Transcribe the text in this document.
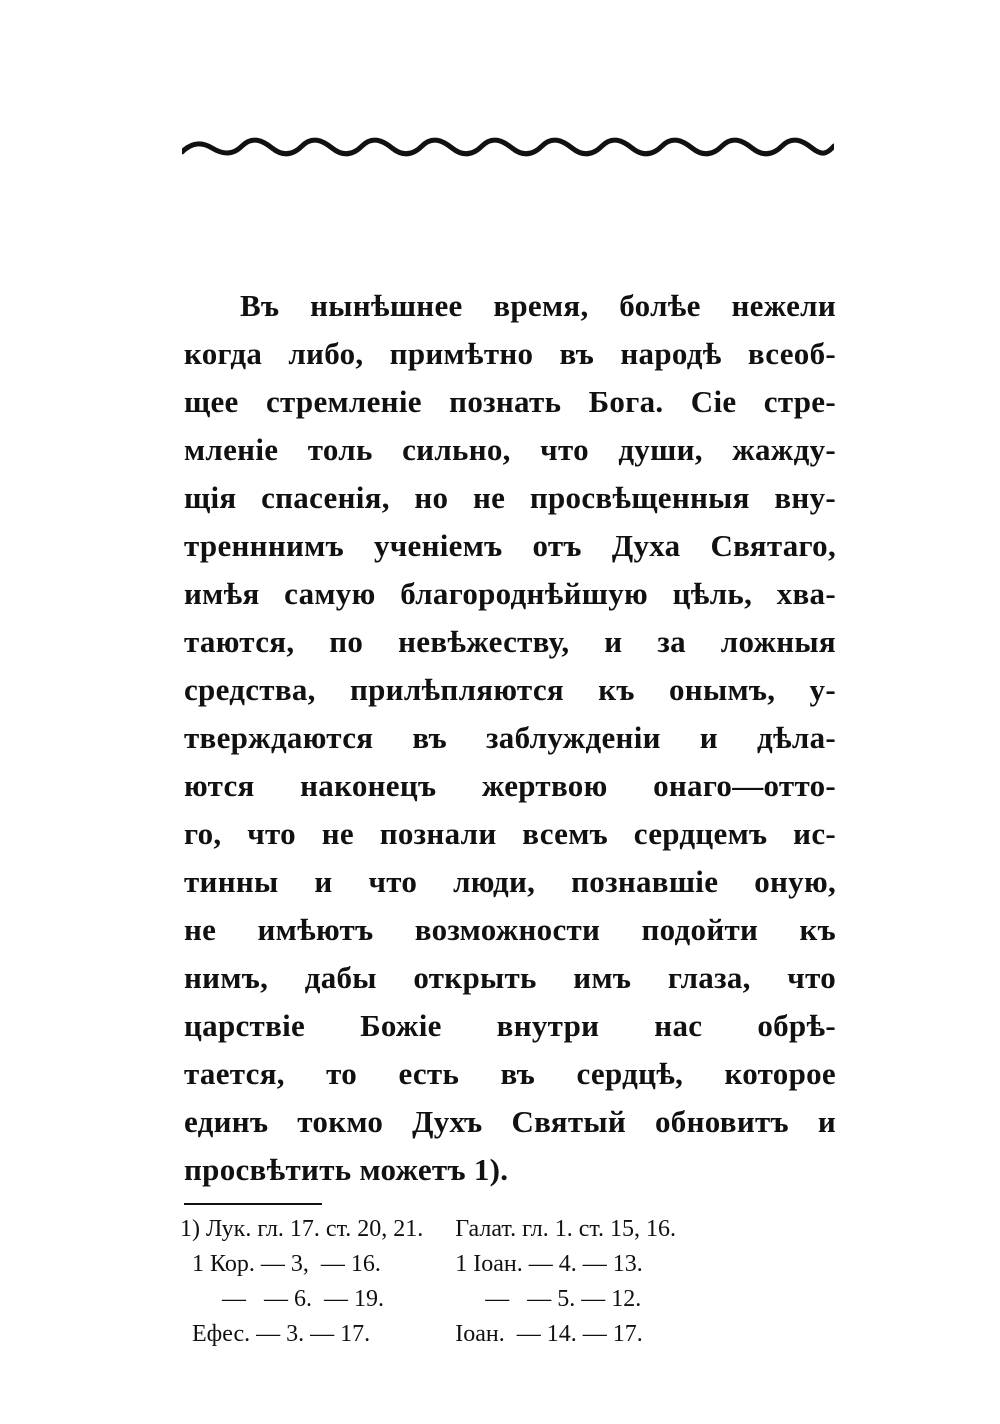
Въ нынѣшнее время, болѣе нежели
когда либо, примѣтно въ народѣ всеоб-
щее стремленіе познать Бога. Сіе стре-
мленіе толь сильно, что души, жажду-
щія спасенія, но не просвѣщенныя вну-
тренннимъ ученіемъ отъ Духа Святаго,
имѣя самую благороднѣйшую цѣль, хва-
таются, по невѣжеству, и за ложныя
средства, прилѣпляются къ онымъ, у-
тверждаются въ заблужденіи и дѣла-
ются наконецъ жертвою онаго—отто-
го, что не познали всемъ сердцемъ ис-
тинны и что люди, познавшіе оную,
не имѣютъ возможности подойти къ
нимъ, дабы открыть имъ глаза, что
царствіе Божіе внутри нас обрѣ-
тается, то есть въ сердцѣ, которое
единъ токмо Духъ Святый обновитъ и
просвѣтить можетъ 1).
1) Лук. гл. 17. ст. 20, 21.		Галат. гл. 1. ст. 15, 16.
1 Кор. — 3,  — 16.		1 Іоан. — 4. — 13.
—   — 6.  — 19.		—   — 5. — 12.
Ефес. — 3. — 17.		Іоан.  — 14. — 17.
